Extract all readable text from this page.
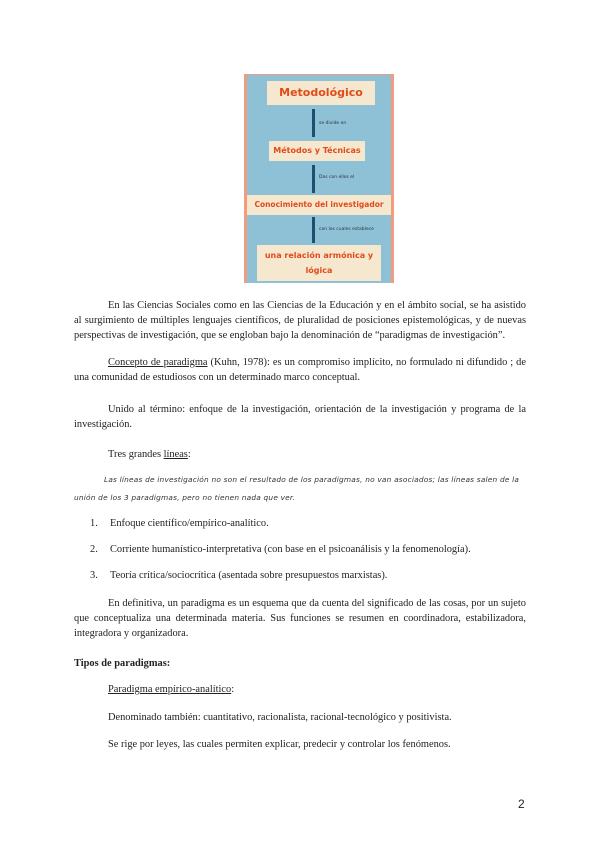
Metodológico
se divide en
Métodos y Técnicas
Das con ellos el
Conocimiento del investigador
con los cuales establece
una relación armónica y lógica

En las Ciencias Sociales como en las Ciencias de la Educación y en el ámbito social, se ha asistido al surgimiento de múltiples lenguajes científicos, de pluralidad de posiciones epistemológicas, y de nuevas perspectivas de investigación, que se engloban bajo la denominación de “paradigmas de investigación”.

Concepto de paradigma (Kuhn, 1978): es un compromiso implícito, no formulado ni difundido ; de una comunidad de estudiosos con un determinado marco conceptual.

Unido al término: enfoque de la investigación, orientación de la investigación y programa de la investigación.

Tres grandes líneas:

Las líneas de investigación no son el resultado de los paradigmas, no van asociados; las líneas salen de la unión de los 3 paradigmas, pero no tienen nada que ver.
1. Enfoque científico/empírico-analítico.
2. Corriente humanístico-interpretativa (con base en el psicoanálisis y la fenomenología).
3. Teoría crítica/sociocrítica (asentada sobre presupuestos marxistas).

En definitiva, un paradigma es un esquema que da cuenta del significado de las cosas, por un sujeto que conceptualiza una determinada materia. Sus funciones se resumen en coordinadora, estabilizadora, integradora y organizadora.

Tipos de paradigmas:

Paradigma empírico-analítico:

Denominado también: cuantitativo, racionalista, racional-tecnológico y positivista.

Se rige por leyes, las cuales permiten explicar, predecir y controlar los fenómenos.

2
